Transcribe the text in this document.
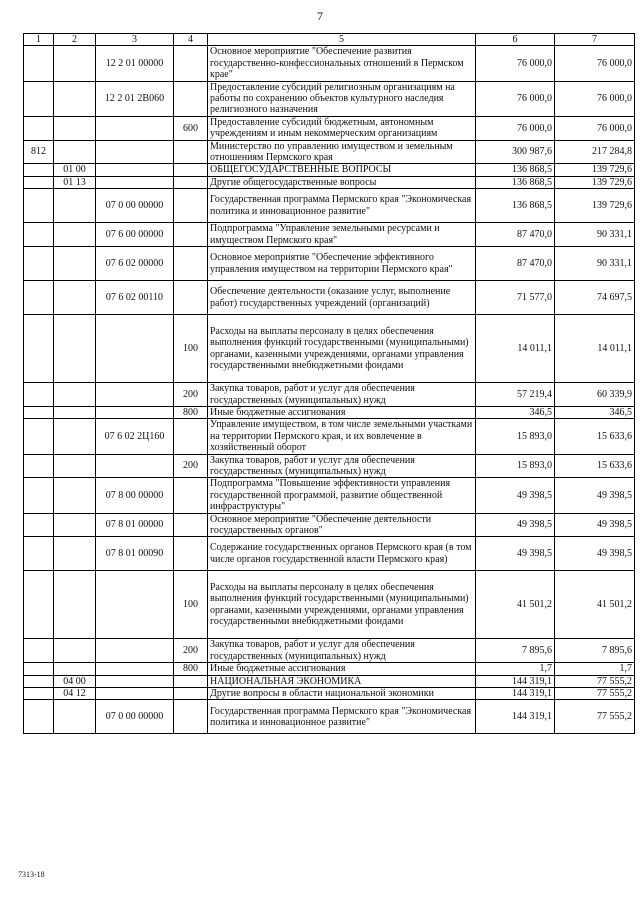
7
1	2	3	4	5	6	7
		12 2 01 00000		Основное мероприятие "Обеспечение развития государственно-конфессиональных отношений в Пермском крае"	76 000,0	76 000,0
		12 2 01 2В060		Предоставление субсидий религиозным организациям на работы по сохранению объектов культурного наследия религиозного назначения	76 000,0	76 000,0
			600	Предоставление субсидий бюджетным, автономным учреждениям и иным некоммерческим организациям	76 000,0	76 000,0
812				Министерство по управлению имуществом и земельным отношениям Пермского края	300 987,6	217 284,8
	01 00			ОБЩЕГОСУДАРСТВЕННЫЕ ВОПРОСЫ	136 868,5	139 729,6
	01 13			Другие общегосударственные вопросы	136 868,5	139 729,6
		07 0 00 00000		Государственная программа Пермского края "Экономическая политика и инновационное развитие"	136 868,5	139 729,6
		07 6 00 00000		Подпрограмма "Управление земельными ресурсами и имуществом Пермского края"	87 470,0	90 331,1
		07 6 02 00000		Основное мероприятие "Обеспечение эффективного управления имуществом на территории Пермского края"	87 470,0	90 331,1
		07 6 02 00110		Обеспечение деятельности (оказание услуг, выполнение работ) государственных учреждений (организаций)	71 577,0	74 697,5
			100	Расходы на выплаты персоналу в целях обеспечения выполнения функций государственными (муниципальными) органами, казенными учреждениями, органами управления государственными внебюджетными фондами	14 011,1	14 011,1
			200	Закупка товаров, работ и услуг для обеспечения государственных (муниципальных) нужд	57 219,4	60 339,9
			800	Иные бюджетные ассигнования	346,5	346,5
		07 6 02 2Ц160		Управление имуществом, в том числе земельными участками на территории Пермского края, и их вовлечение в хозяйственный оборот	15 893,0	15 633,6
			200	Закупка товаров, работ и услуг для обеспечения государственных (муниципальных) нужд	15 893,0	15 633,6
		07 8 00 00000		Подпрограмма "Повышение эффективности управления государственной программой, развитие общественной инфраструктуры"	49 398,5	49 398,5
		07 8 01 00000		Основное мероприятие "Обеспечение деятельности государственных органов"	49 398,5	49 398,5
		07 8 01 00090		Содержание государственных органов Пермского края (в том числе органов государственной власти Пермского края)	49 398,5	49 398,5
			100	Расходы на выплаты персоналу в целях обеспечения выполнения функций государственными (муниципальными) органами, казенными учреждениями, органами управления государственными внебюджетными фондами	41 501,2	41 501,2
			200	Закупка товаров, работ и услуг для обеспечения государственных (муниципальных) нужд	7 895,6	7 895,6
			800	Иные бюджетные ассигнования	1,7	1,7
	04 00			НАЦИОНАЛЬНАЯ ЭКОНОМИКА	144 319,1	77 555,2
	04 12			Другие вопросы в области национальной экономики	144 319,1	77 555,2
		07 0 00 00000		Государственная программа Пермского края "Экономическая политика и инновационное развитие"	144 319,1	77 555,2
7313-18
